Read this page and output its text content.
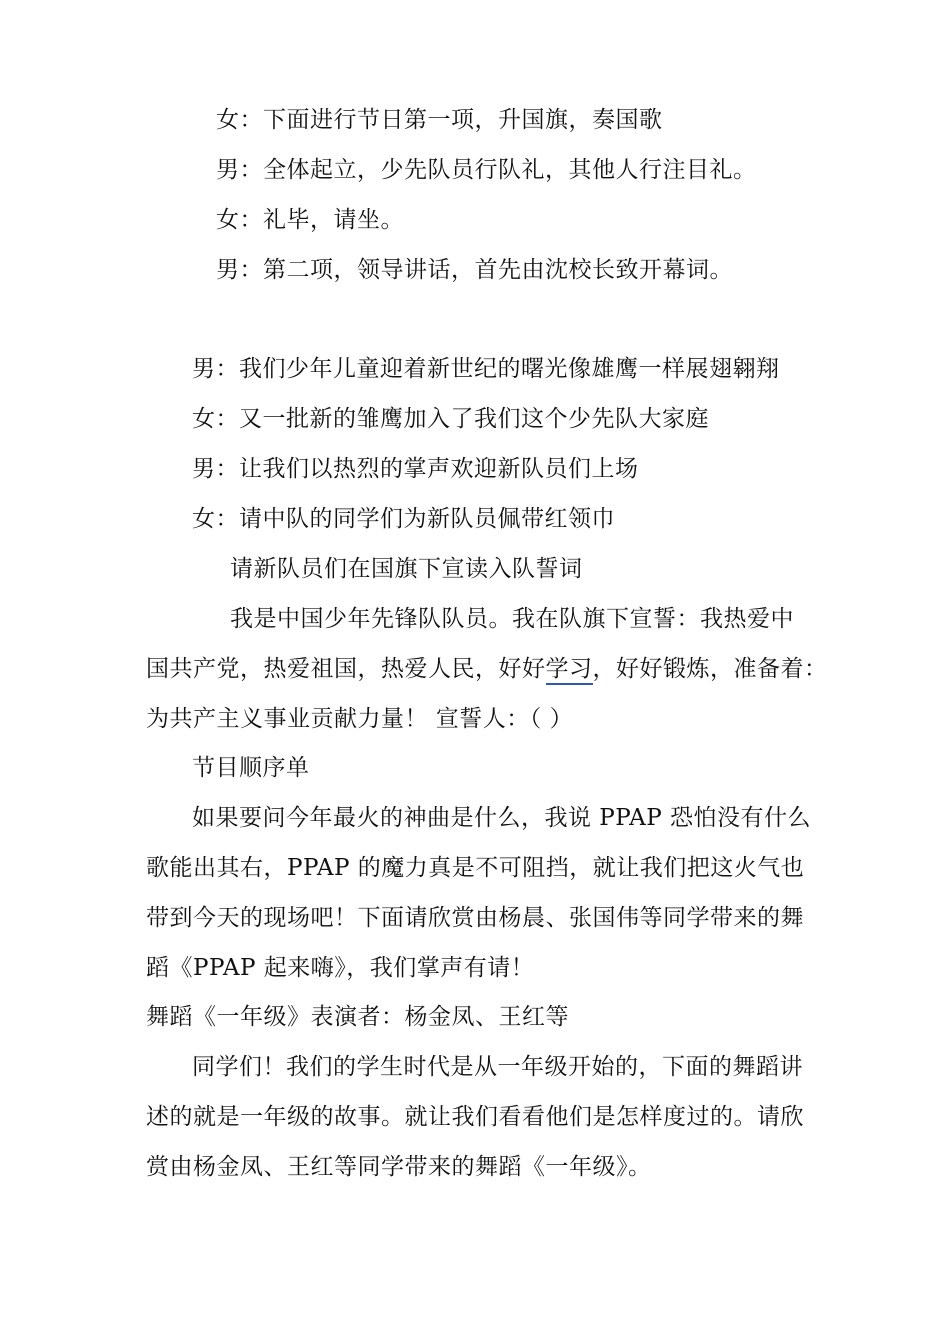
女：下面进行节日第一项，升国旗，奏国歌
男：全体起立，少先队员行队礼，其他人行注目礼。
女：礼毕，请坐。
男：第二项，领导讲话，首先由沈校长致开幕词。
男：我们少年儿童迎着新世纪的曙光像雄鹰一样展翅翱翔
女：又一批新的雏鹰加入了我们这个少先队大家庭
男：让我们以热烈的掌声欢迎新队员们上场
女：请中队的同学们为新队员佩带红领巾
请新队员们在国旗下宣读入队誓词
我是中国少年先锋队队员。我在队旗下宣誓：我热爱中
国共产党，热爱祖国，热爱人民，好好学习，好好锻炼，准备着：
为共产主义事业贡献力量！ 宣誓人：（ ）
节目顺序单
如果要问今年最火的神曲是什么，我说 PPAP 恐怕没有什么
歌能出其右，PPAP 的魔力真是不可阻挡，就让我们把这火气也
带到今天的现场吧！下面请欣赏由杨晨、张国伟等同学带来的舞
蹈《PPAP 起来嗨》，我们掌声有请！
舞蹈《一年级》表演者：杨金凤、王红等
同学们！我们的学生时代是从一年级开始的，下面的舞蹈讲
述的就是一年级的故事。就让我们看看他们是怎样度过的。请欣
赏由杨金凤、王红等同学带来的舞蹈《一年级》。
